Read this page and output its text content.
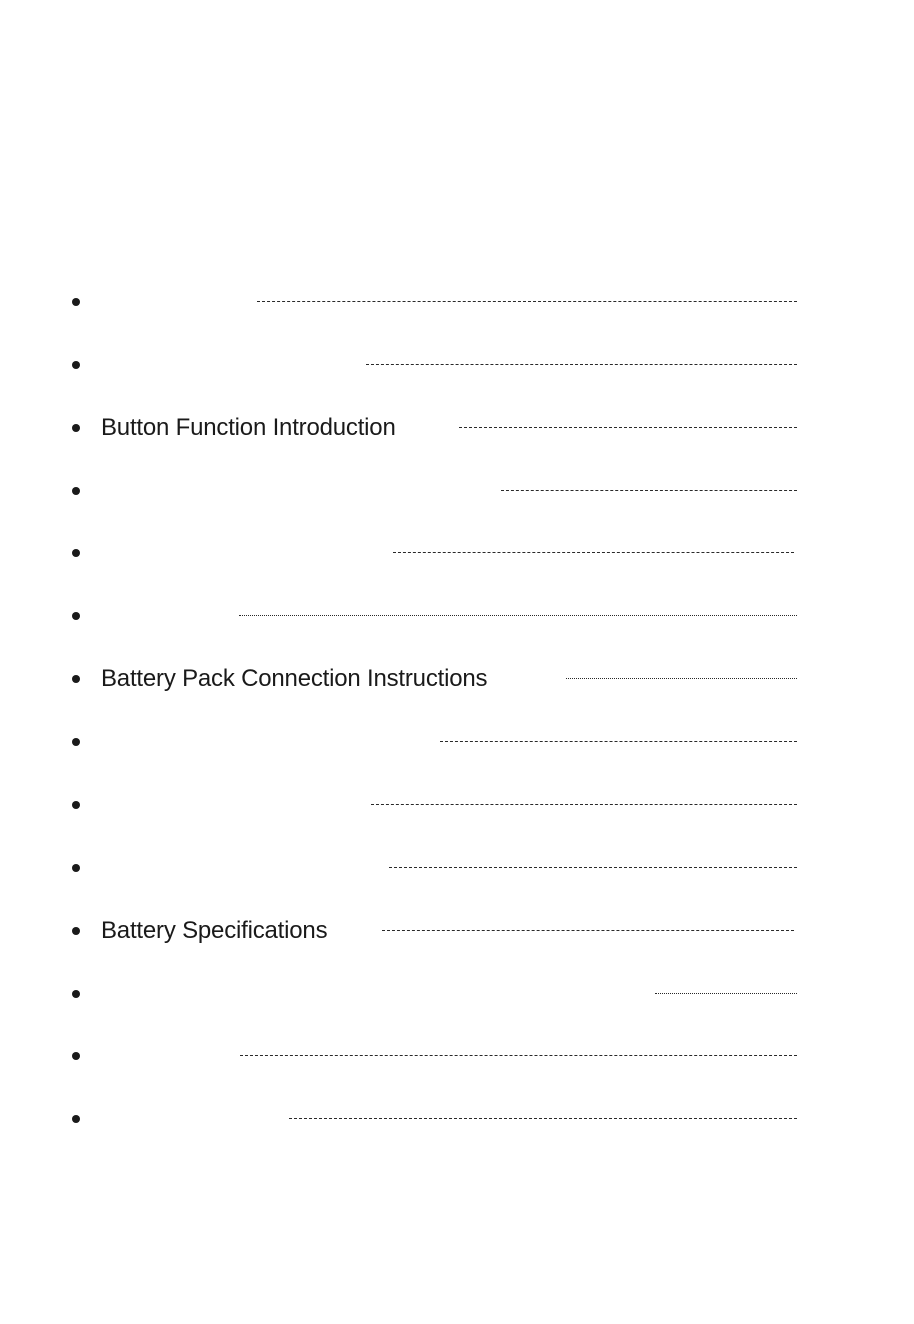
Button Function Introduction
Battery Pack Connection Instructions
Battery Specifications
